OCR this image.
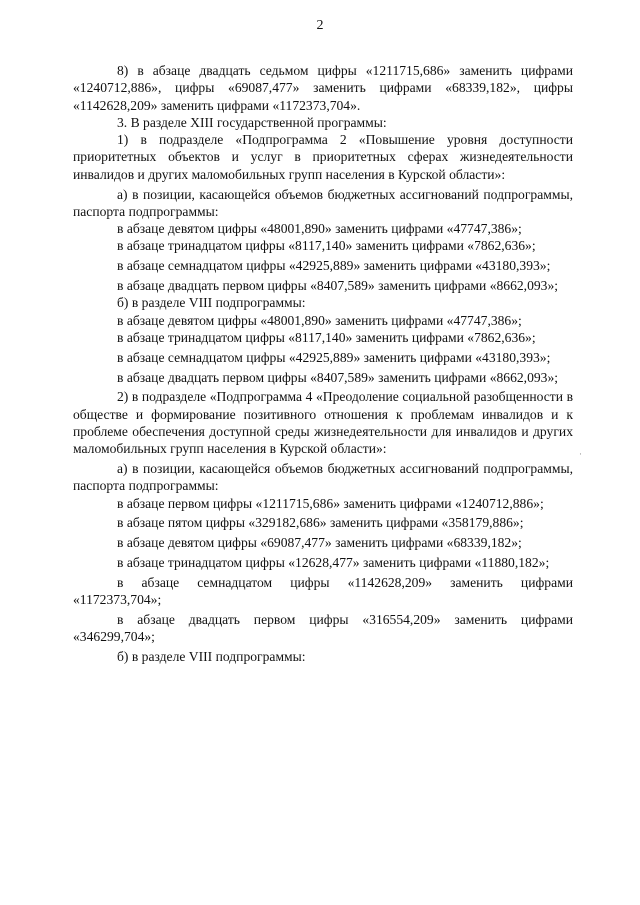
2

8) в абзаце двадцать седьмом цифры «1211715,686» заменить цифрами «1240712,886», цифры «69087,477» заменить цифрами «68339,182», цифры «1142628,209» заменить цифрами «1172373,704».

3. В разделе XIII государственной программы:

1) в подразделе «Подпрограмма 2 «Повышение уровня доступности приоритетных объектов и услуг в приоритетных сферах жизнедеятельности инвалидов и других маломобильных групп населения в Курской области»:

а) в позиции, касающейся объемов бюджетных ассигнований подпрограммы, паспорта подпрограммы:

в абзаце девятом цифры «48001,890» заменить цифрами «47747,386»;

в абзаце тринадцатом цифры «8117,140» заменить цифрами «7862,636»;

в абзаце семнадцатом цифры «42925,889» заменить цифрами «43180,393»;

в абзаце двадцать первом цифры «8407,589» заменить цифрами «8662,093»;

б) в разделе VIII подпрограммы:

в абзаце девятом цифры «48001,890» заменить цифрами «47747,386»;

в абзаце тринадцатом цифры «8117,140» заменить цифрами «7862,636»;

в абзаце семнадцатом цифры «42925,889» заменить цифрами «43180,393»;

в абзаце двадцать первом цифры «8407,589» заменить цифрами «8662,093»;

2) в подразделе «Подпрограмма 4 «Преодоление социальной разобщенности в обществе и формирование позитивного отношения к проблемам инвалидов и к проблеме обеспечения доступной среды жизнедеятельности для инвалидов и других маломобильных групп населения в Курской области»:

а) в позиции, касающейся объемов бюджетных ассигнований подпрограммы, паспорта подпрограммы:

в абзаце первом цифры «1211715,686» заменить цифрами «1240712,886»;

в абзаце пятом цифры «329182,686» заменить цифрами «358179,886»;

в абзаце девятом цифры «69087,477» заменить цифрами «68339,182»;

в абзаце тринадцатом цифры «12628,477» заменить цифрами «11880,182»;

в абзаце семнадцатом цифры «1142628,209» заменить цифрами «1172373,704»;

в абзаце двадцать первом цифры «316554,209» заменить цифрами «346299,704»;

б) в разделе VIII подпрограммы:

·
